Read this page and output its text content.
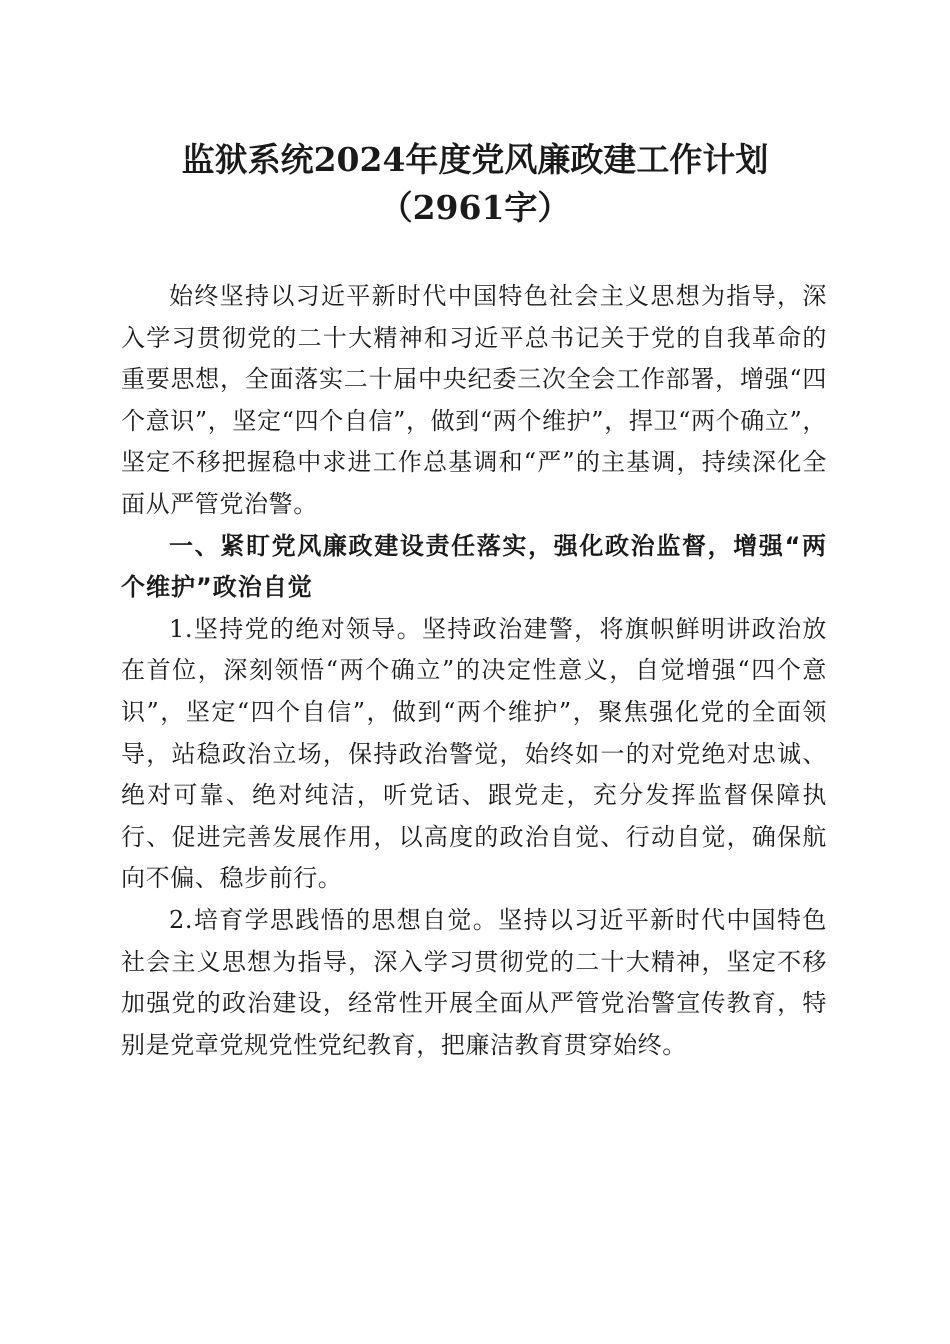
监狱系统2024年度党风廉政建工作计划
（2961字）

始终坚持以习近平新时代中国特色社会主义思想为指导，深入学习贯彻党的二十大精神和习近平总书记关于党的自我革命的重要思想，全面落实二十届中央纪委三次全会工作部署，增强“四个意识”，坚定“四个自信”，做到“两个维护”，捍卫“两个确立”，坚定不移把握稳中求进工作总基调和“严”的主基调，持续深化全面从严管党治警。

一、紧盯党风廉政建设责任落实，强化政治监督，增强“两个维护”政治自觉

1.坚持党的绝对领导。坚持政治建警，将旗帜鲜明讲政治放在首位，深刻领悟“两个确立”的决定性意义，自觉增强“四个意识”，坚定“四个自信”，做到“两个维护”，聚焦强化党的全面领导，站稳政治立场，保持政治警觉，始终如一的对党绝对忠诚、绝对可靠、绝对纯洁，听党话、跟党走，充分发挥监督保障执行、促进完善发展作用，以高度的政治自觉、行动自觉，确保航向不偏、稳步前行。

2.培育学思践悟的思想自觉。坚持以习近平新时代中国特色社会主义思想为指导，深入学习贯彻党的二十大精神，坚定不移加强党的政治建设，经常性开展全面从严管党治警宣传教育，特别是党章党规党性党纪教育，把廉洁教育贯穿始终。
